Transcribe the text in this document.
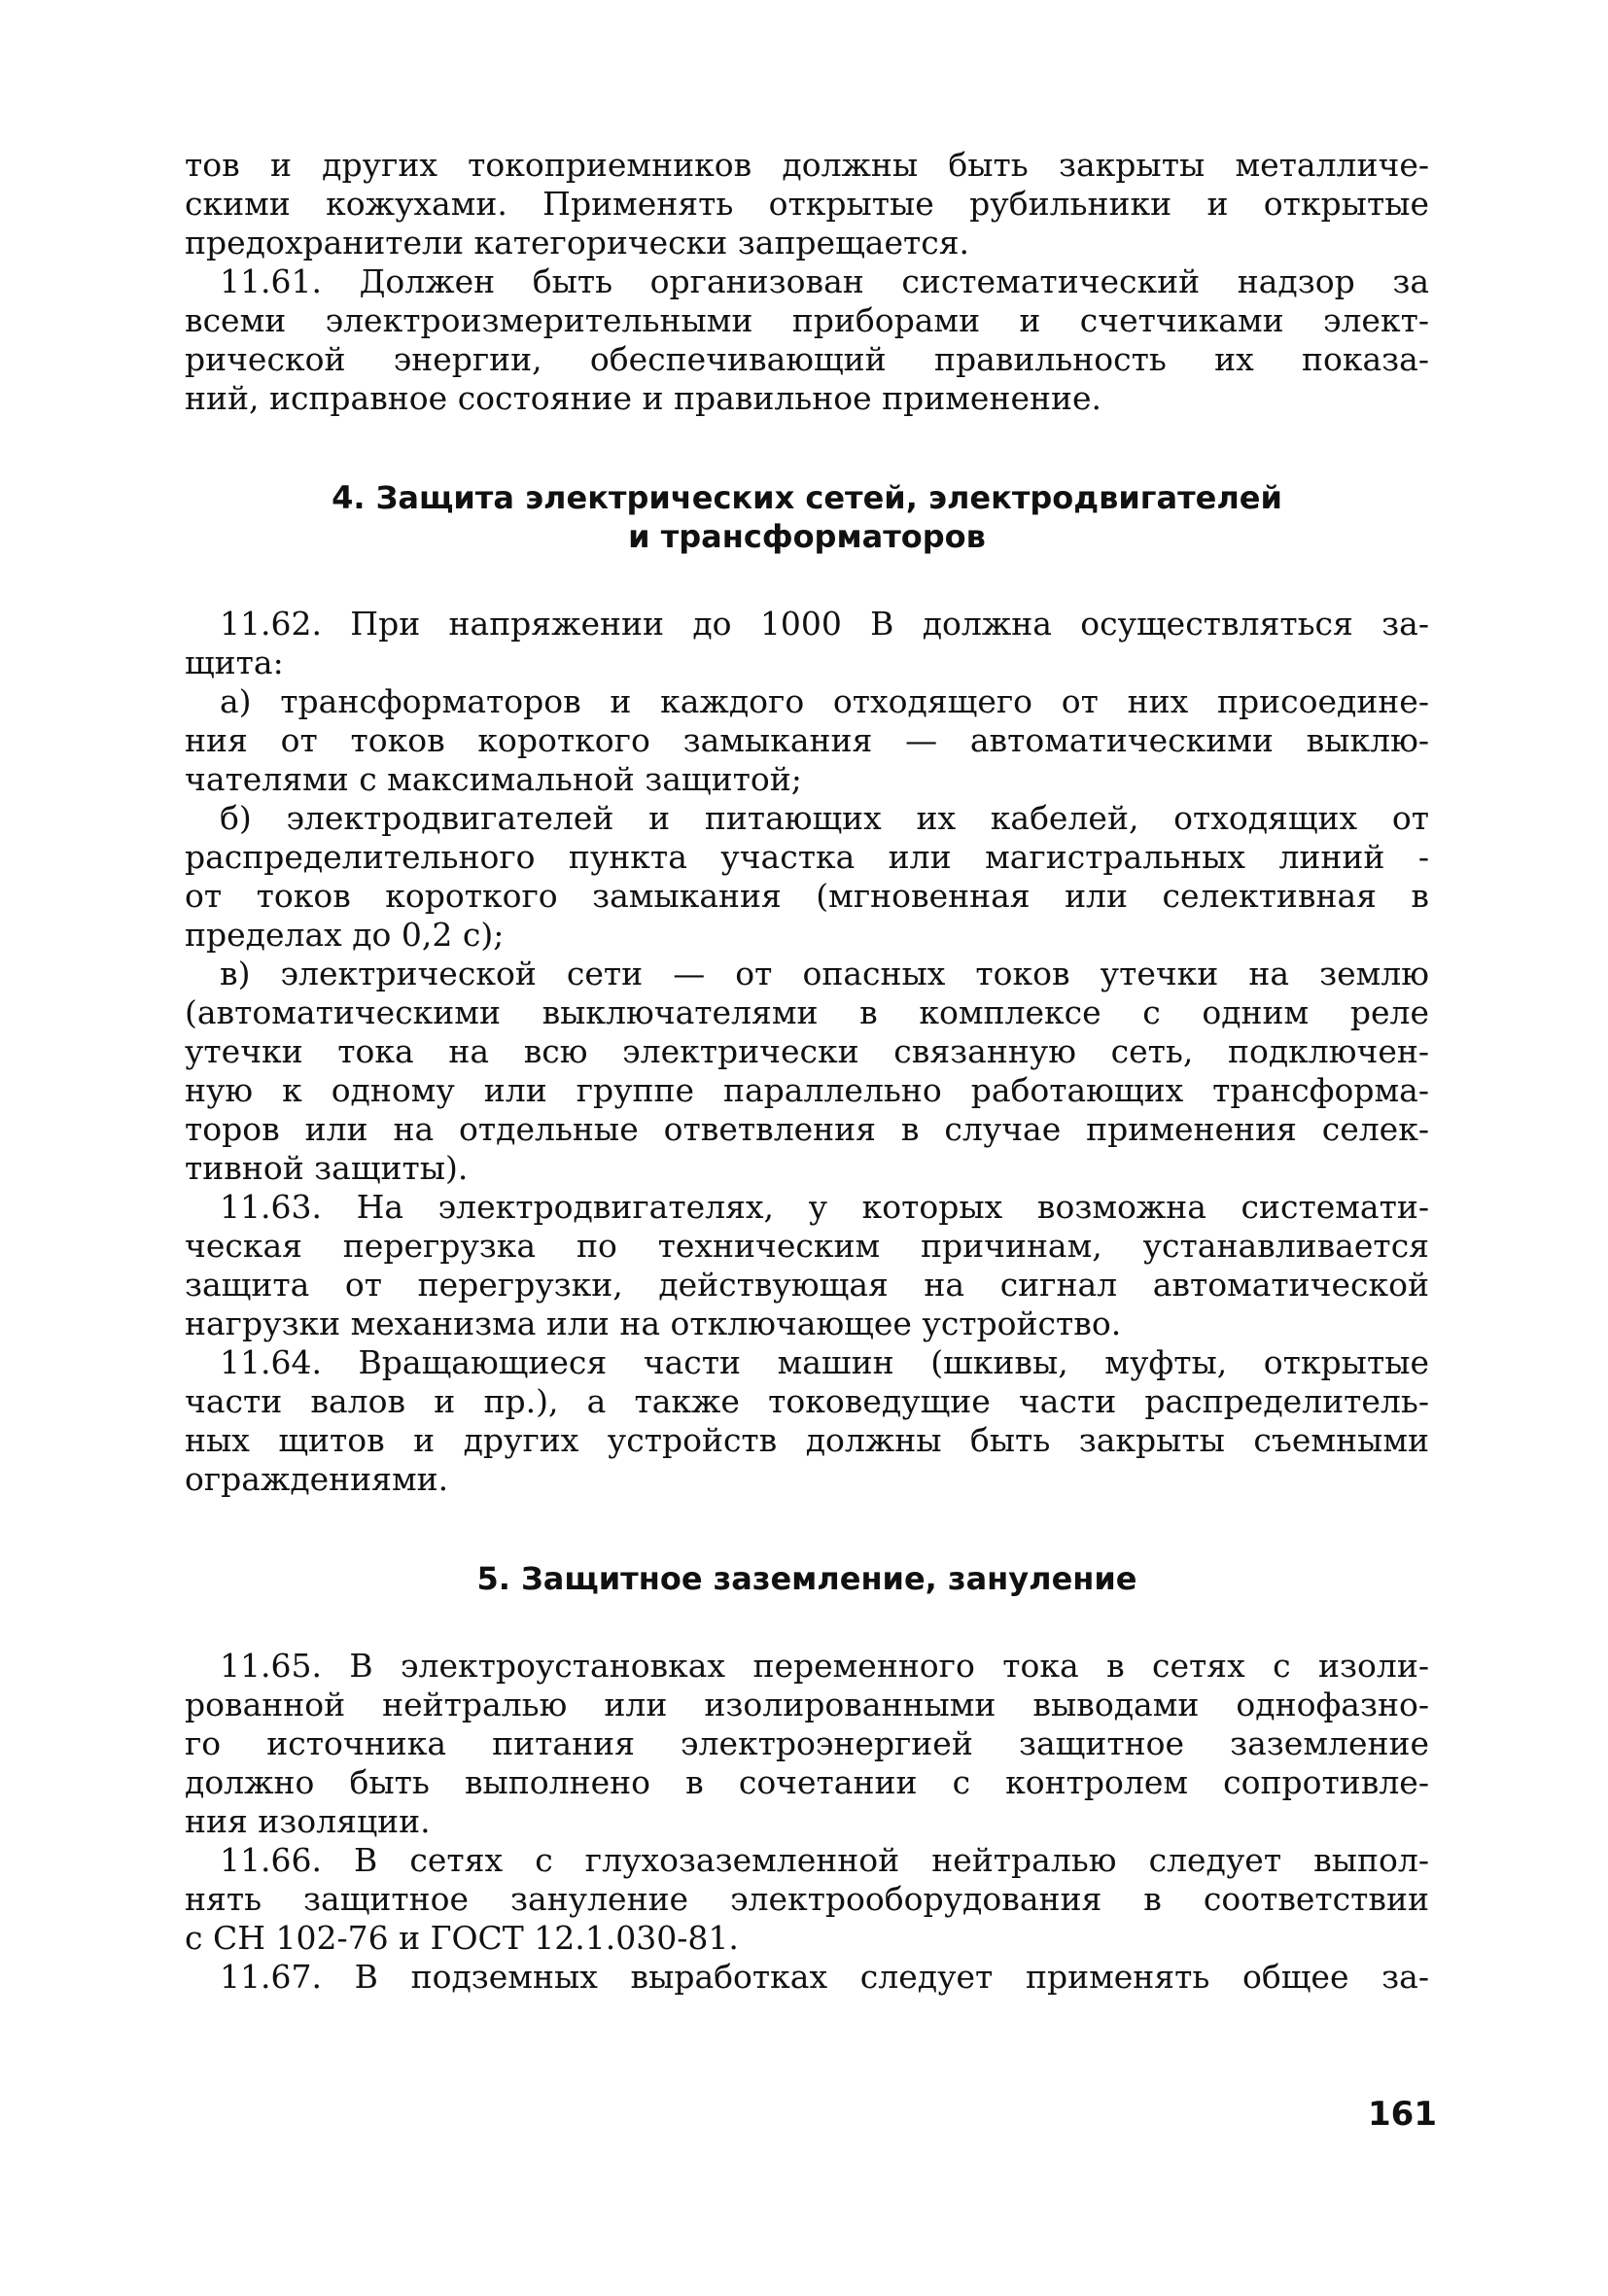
тов и других токоприемников должны быть закрыты металличе-
скими кожухами. Применять открытые рубильники и открытые
предохранители категорически запрещается.
11.61. Должен быть организован систематический надзор за
всеми электроизмерительными приборами и счетчиками элект-
рической энергии, обеспечивающий правильность их показа-
ний, исправное состояние и правильное применение.
4. Защита электрических сетей, электродвигателей
и трансформаторов
11.62. При напряжении до 1000 В должна осуществляться за-
щита:
а) трансформаторов и каждого отходящего от них присоедине-
ния от токов короткого замыкания — автоматическими выклю-
чателями с максимальной защитой;
б) электродвигателей и питающих их кабелей, отходящих от
распределительного пункта участка или магистральных линий -
от токов короткого замыкания (мгновенная или селективная в
пределах до 0,2 с);
в) электрической сети — от опасных токов утечки на землю
(автоматическими выключателями в комплексе с одним реле
утечки тока на всю электрически связанную сеть, подключен-
ную к одному или группе параллельно работающих трансформа-
торов или на отдельные ответвления в случае применения селек-
тивной защиты).
11.63. На электродвигателях, у которых возможна системати-
ческая перегрузка по техническим причинам, устанавливается
защита от перегрузки, действующая на сигнал автоматической
нагрузки механизма или на отключающее устройство.
11.64. Вращающиеся части машин (шкивы, муфты, открытые
части валов и пр.), а также токоведущие части распределитель-
ных щитов и других устройств должны быть закрыты съемными
ограждениями.
5. Защитное заземление, зануление
11.65. В электроустановках переменного тока в сетях с изоли-
рованной нейтралью или изолированными выводами однофазно-
го источника питания электроэнергией защитное заземление
должно быть выполнено в сочетании с контролем сопротивле-
ния изоляции.
11.66. В сетях с глухозаземленной нейтралью следует выпол-
нять защитное зануление электрооборудования в соответствии
с СН 102-76 и ГОСТ 12.1.030-81.
11.67. В подземных выработках следует применять общее за-
161
